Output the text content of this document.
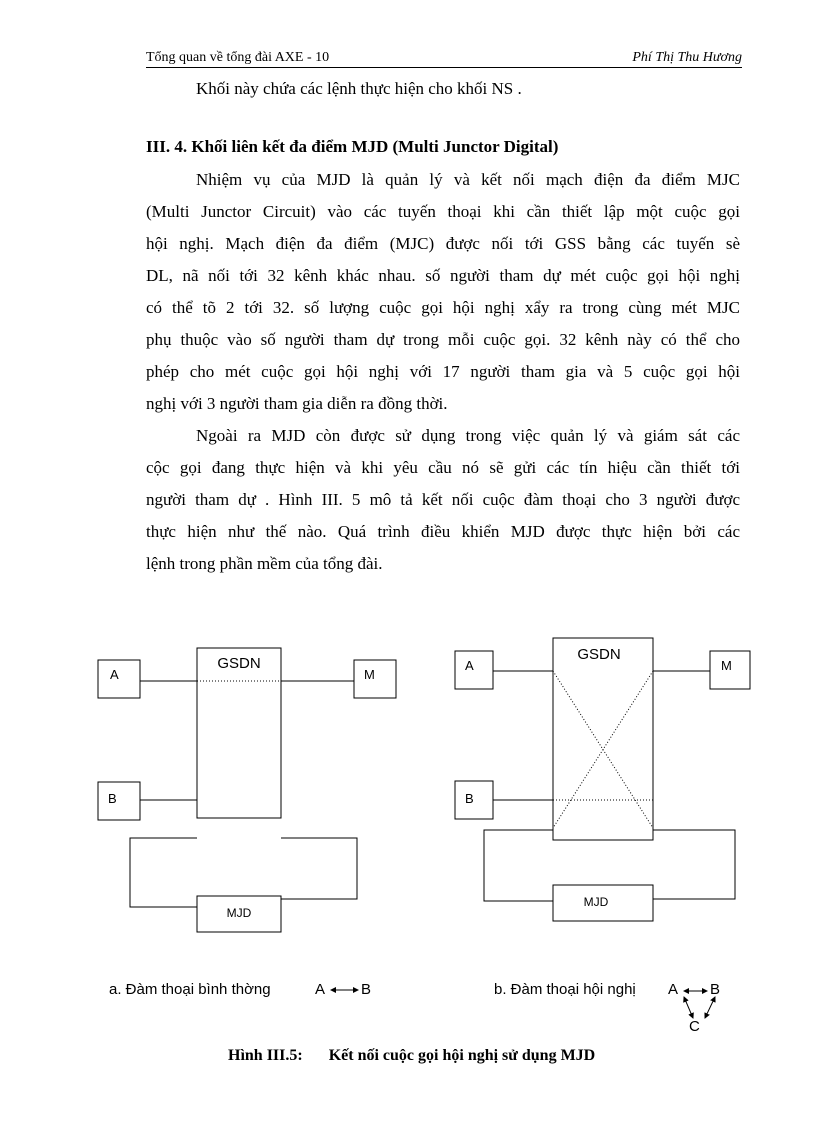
Tổng quan về tổng đài AXE - 10	Phí Thị Thu Hương
Khối này chứa các lệnh thực hiện cho khối NS .
III. 4. Khối liên kết đa điểm MJD (Multi Junctor Digital)
Nhiệm vụ của MJD là quản lý và kết nối mạch điện đa điểm MJC
(Multi Junctor Circuit) vào các tuyến thoại khi cần thiết lập một cuộc gọi
hội nghị. Mạch điện đa điểm (MJC) được nối tới GSS bằng các tuyến sè
DL, nã nối tới 32 kênh khác nhau. số người tham dự mét cuộc gọi hội nghị
có thể tõ 2 tới 32. số lượng cuộc gọi hội nghị xẩy ra trong cùng mét MJC
phụ thuộc vào số người tham dự trong mỗi cuộc gọi. 32 kênh này có thể cho
phép cho mét cuộc gọi hội nghị với 17 người tham gia và 5 cuộc gọi hội
nghị với 3 người tham gia diễn ra đồng thời.
Ngoài ra MJD còn được sử dụng trong việc quản lý và giám sát các
cộc gọi đang thực hiện và khi yêu cầu nó sẽ gửi các tín hiệu cần thiết tới
người tham dự . Hình III. 5 mô tả kết nối cuộc đàm thoại cho 3 người được
thực hiện như thế nào. Quá trình điều khiển MJD được thực hiện bởi các
lệnh trong phần mềm của tổng đài.
GSDN
A	M
B
MJD
GSDN
A	M
B
MJD
C
a. Đàm thoại bình thờng	A B	b. Đàm thoại hội nghị A B
Hình III.5: Kết nối cuộc gọi hội nghị sử dụng MJD
